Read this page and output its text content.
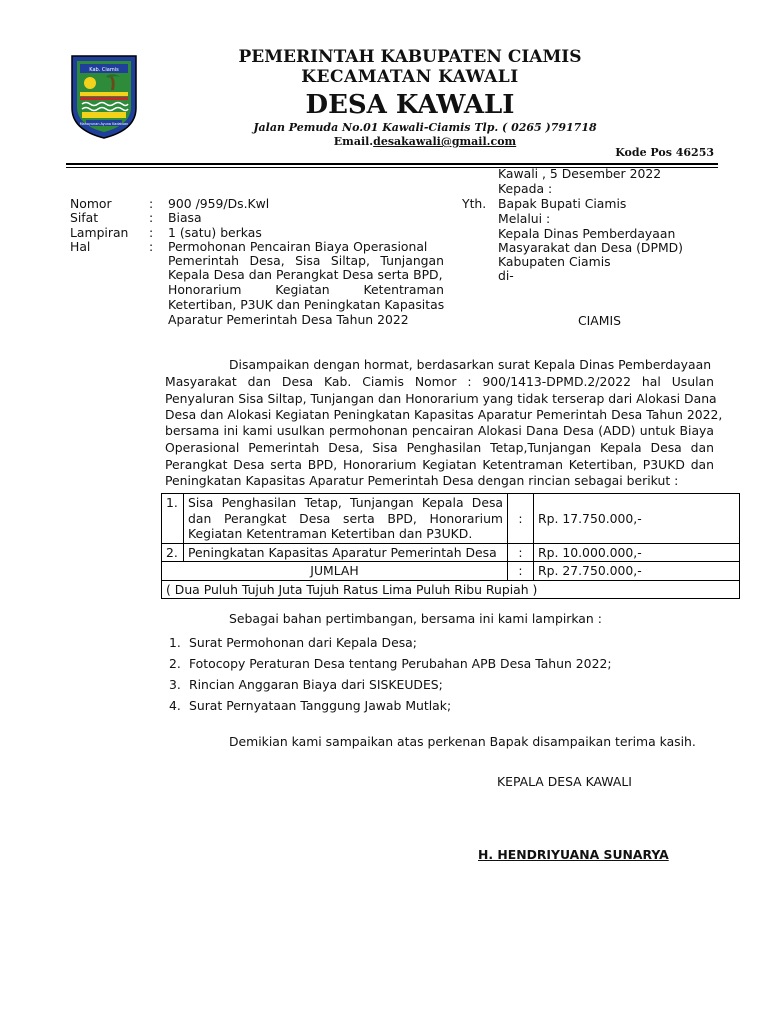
Kab. Ciamis
Mahayunan Ayuna Kadatuan
PEMERINTAH KABUPATEN CIAMIS
KECAMATAN KAWALI
DESA KAWALI
Jalan Pemuda No.01 Kawali-Ciamis Tlp. ( 0265 )791718
Email.desakawali@gmail.com
Kode Pos 46253
Kawali , 5 Desember 2022
Kepada :
Yth. Bapak Bupati Ciamis
Melalui :
Kepala Dinas Pemberdayaan
Masyarakat dan Desa (DPMD)
Kabupaten Ciamis
di-
CIAMIS
Nomor	: 900 /959/Ds.Kwl
Sifat	: Biasa
Lampiran : 1 (satu) berkas
Hal	: Permohonan Pencairan Biaya Operasional
Pemerintah Desa, Sisa Siltap, Tunjangan
Kepala Desa dan Perangkat Desa serta BPD,
Honorarium Kegiatan Ketentraman
Ketertiban, P3UK dan Peningkatan Kapasitas
Aparatur Pemerintah Desa Tahun 2022
Disampaikan dengan hormat, berdasarkan surat Kepala Dinas Pemberdayaan
Masyarakat dan Desa Kab. Ciamis Nomor : 900/1413-DPMD.2/2022 hal Usulan
Penyaluran Sisa Siltap, Tunjangan dan Honorarium yang tidak terserap dari Alokasi Dana
Desa dan Alokasi Kegiatan Peningkatan Kapasitas Aparatur Pemerintah Desa Tahun 2022,
bersama ini kami usulkan permohonan pencairan Alokasi Dana Desa (ADD) untuk Biaya
Operasional Pemerintah Desa, Sisa Penghasilan Tetap,Tunjangan Kepala Desa dan
Perangkat Desa serta BPD, Honorarium Kegiatan Ketentraman Ketertiban, P3UKD dan
Peningkatan Kapasitas Aparatur Pemerintah Desa dengan rincian sebagai berikut :
1.	Sisa Penghasilan Tetap, Tunjangan Kepala Desa
dan Perangkat Desa serta BPD, Honorarium
Kegiatan Ketentraman Ketertiban dan P3UKD.	:	Rp. 17.750.000,-
2.	Peningkatan Kapasitas Aparatur Pemerintah Desa	:	Rp. 10.000.000,-
JUMLAH		:	Rp. 27.750.000,-
( Dua Puluh Tujuh Juta Tujuh Ratus Lima Puluh Ribu Rupiah )			
Sebagai bahan pertimbangan, bersama ini kami lampirkan :
1. Surat Permohonan dari Kepala Desa;
2. Fotocopy Peraturan Desa tentang Perubahan APB Desa Tahun 2022;
3. Rincian Anggaran Biaya dari SISKEUDES;
4. Surat Pernyataan Tanggung Jawab Mutlak;
Demikian kami sampaikan atas perkenan Bapak disampaikan terima kasih.
KEPALA DESA KAWALI
H. HENDRIYUANA SUNARYA
